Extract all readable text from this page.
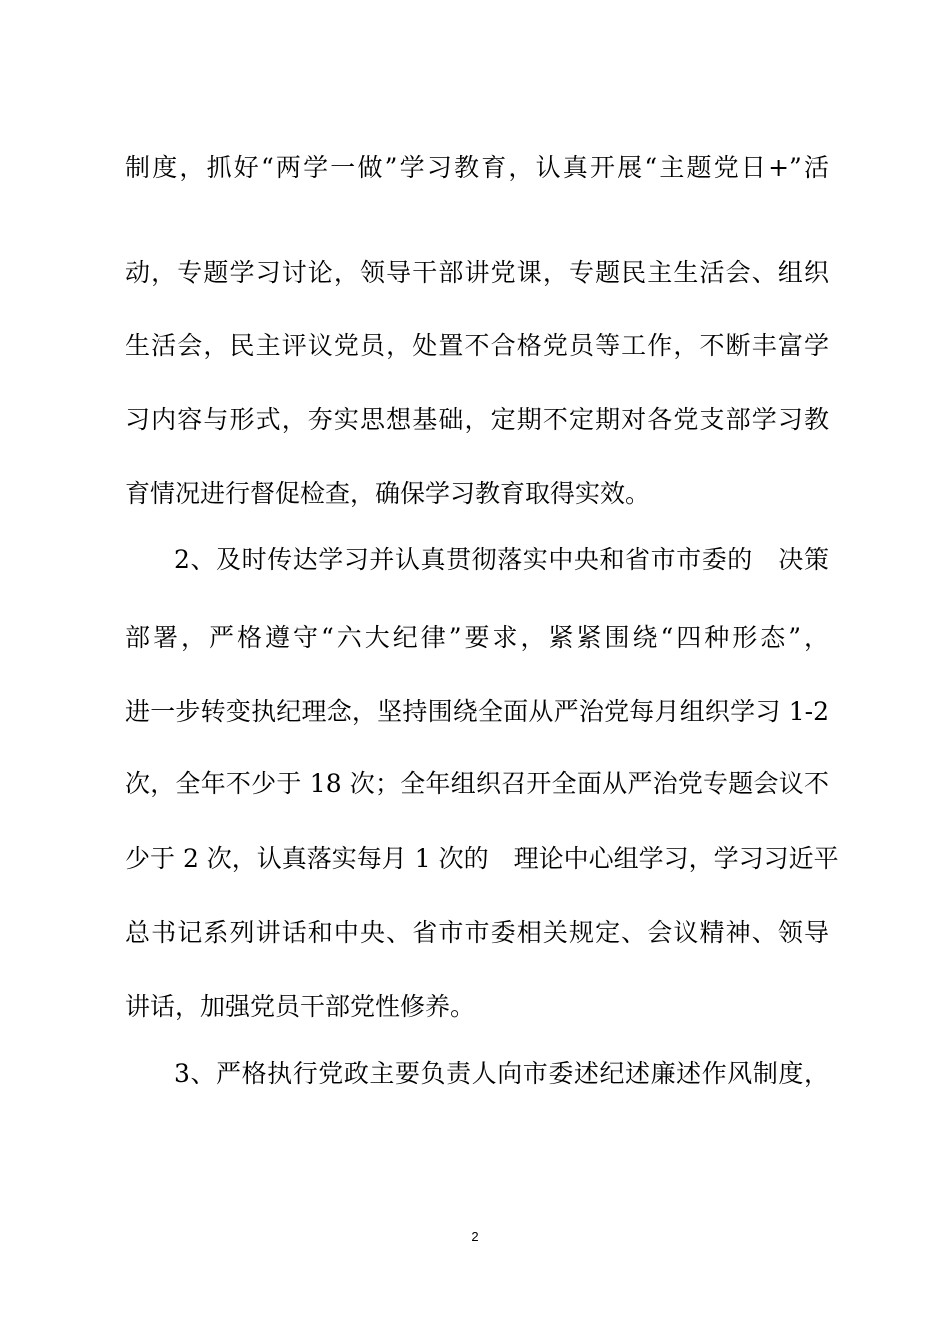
制度，抓好“两学一做”学习教育，认真开展“主题党日+”活
动，专题学习讨论，领导干部讲党课，专题民主生活会、组织
生活会，民主评议党员，处置不合格党员等工作，不断丰富学
习内容与形式，夯实思想基础，定期不定期对各党支部学习教
育情况进行督促检查，确保学习教育取得实效。
2、及时传达学习并认真贯彻落实中央和省市市委的　决策
部署，严格遵守“六大纪律”要求，紧紧围绕“四种形态”，
进一步转变执纪理念，坚持围绕全面从严治党每月组织学习 1-2
次，全年不少于 18 次；全年组织召开全面从严治党专题会议不
少于 2 次，认真落实每月 1 次的　理论中心组学习，学习习近平
总书记系列讲话和中央、省市市委相关规定、会议精神、领导
讲话，加强党员干部党性修养。
3、严格执行党政主要负责人向市委述纪述廉述作风制度，
2
